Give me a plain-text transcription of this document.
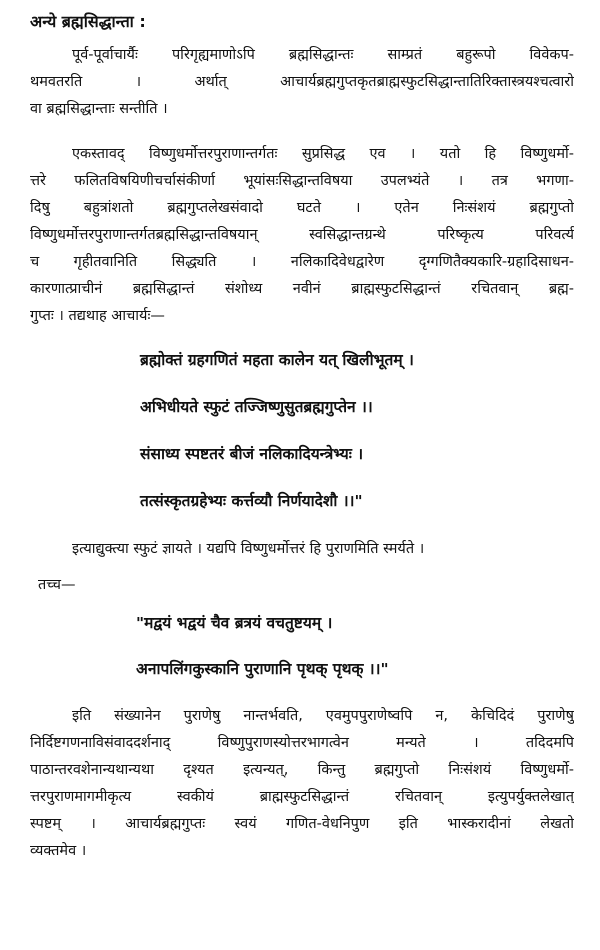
अन्ये ब्रह्मसिद्धान्ता :
पूर्व-पूर्वाचार्यैः परिगृह्यमाणोऽपि ब्रह्मसिद्धान्तः साम्प्रतं बहुरूपो विवेकप-
थमवतरति । अर्थात् आचार्यब्रह्मगुप्तकृतब्राह्मस्फुटसिद्धान्तातिरिक्तास्त्रयश्चत्वारो
वा ब्रह्मसिद्धान्ताः सन्तीति ।
एकस्तावद् विष्णुधर्मोत्तरपुराणान्तर्गतः सुप्रसिद्ध एव । यतो हि विष्णुधर्मो-
त्तरे फलितविषयिणीचर्चासंकीर्णा भूयांसःसिद्धान्तविषया उपलभ्यंते । तत्र भगणा-
दिषु बहुत्रांशतो ब्रह्मगुप्तलेखसंवादो घटते । एतेन निःसंशयं ब्रह्मगुप्तो
विष्णुधर्मोत्तरपुराणान्तर्गतब्रह्मसिद्धान्तविषयान् स्वसिद्धान्तग्रन्थे परिष्कृत्य परिवर्त्य
च गृहीतवानिति सिद्ध्यति । नलिकादिवेधद्वारेण दृग्गणितैक्यकारि-ग्रहादिसाधन-
कारणात्प्राचीनं ब्रह्मसिद्धान्तं संशोध्य नवीनं ब्राह्मस्फुटसिद्धान्तं रचितवान् ब्रह्म-
गुप्तः । तद्यथाह आचार्यः—
ब्रह्मोक्तं ग्रहगणितं महता कालेन यत् खिलीभूतम् ।
अभिधीयते स्फुटं तज्जिष्णुसुतब्रह्मगुप्तेन ।।
संसाध्य स्पष्टतरं बीजं नलिकादियन्त्रेभ्यः ।
तत्संस्कृतग्रहेभ्यः कर्त्तव्यौ निर्णयादेशौ ।।"
इत्याद्युक्त्या स्फुटं ज्ञायते । यद्यपि विष्णुधर्मोत्तरं हि पुराणमिति स्मर्यते ।
तच्च—
"मद्वयं भद्वयं चैव ब्रत्रयं वचतुष्टयम् ।
अनापलिंगकुस्कानि पुराणानि पृथक् पृथक् ।।"
इति संख्यानेन पुराणेषु नान्तर्भवति, एवमुपपुराणेष्वपि न, केचिदिदं पुराणेषु
निर्दिष्टगणनाविसंवाददर्शनाद् विष्णुपुराणस्योत्तरभागत्वेन मन्यते । तदिदमपि
पाठान्तरवशेनान्यथान्यथा दृश्यत इत्यन्यत्, किन्तु ब्रह्मगुप्तो निःसंशयं विष्णुधर्मो-
त्तरपुराणमागमीकृत्य स्वकीयं ब्राह्मस्फुटसिद्धान्तं रचितवान् इत्युपर्युक्तलेखात्
स्पष्टम् । आचार्यब्रह्मगुप्तः स्वयं गणित-वेधनिपुण इति भास्करादीनां लेखतो
व्यक्तमेव ।
